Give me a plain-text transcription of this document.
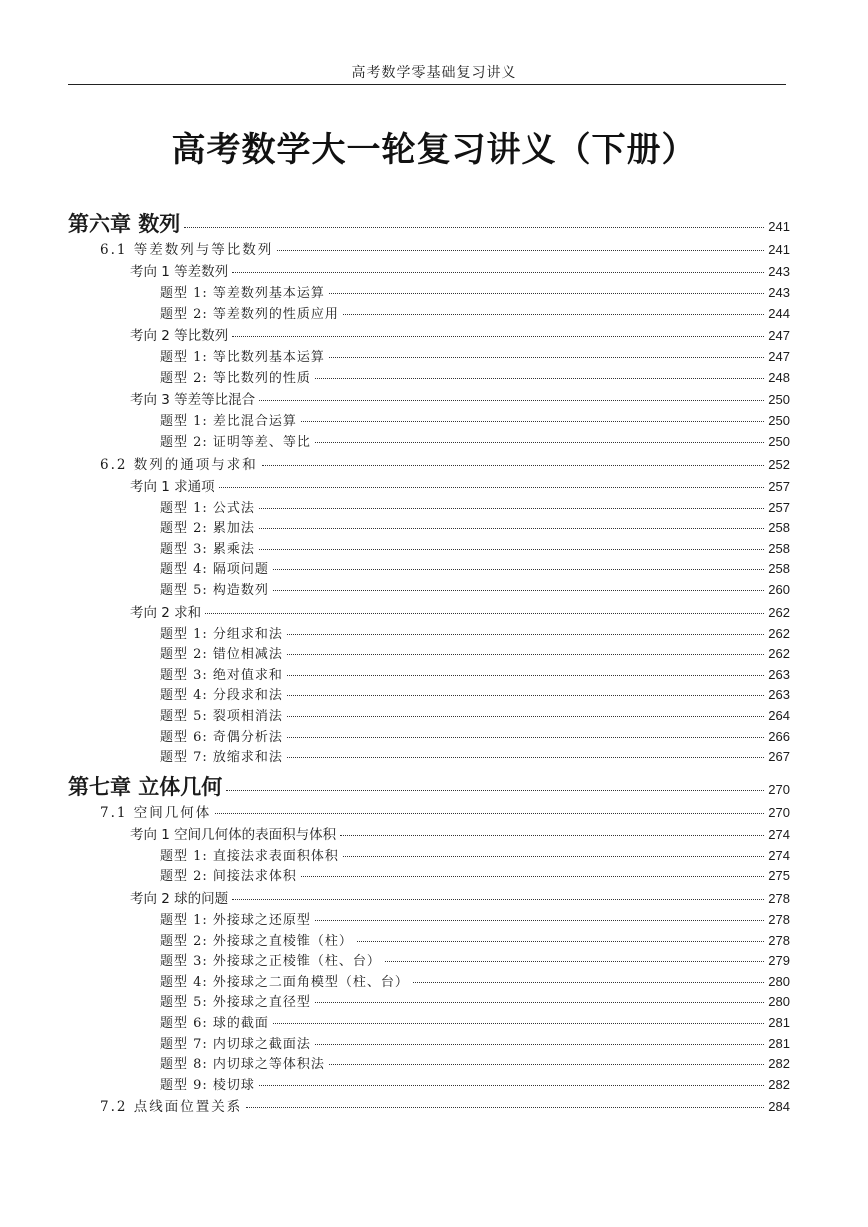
高考数学零基础复习讲义
高考数学大一轮复习讲义（下册）
第六章 数列	241
6.1 等差数列与等比数列	241
考向 1 等差数列	243
题型 1: 等差数列基本运算	243
题型 2: 等差数列的性质应用	244
考向 2 等比数列	247
题型 1: 等比数列基本运算	247
题型 2: 等比数列的性质	248
考向 3 等差等比混合	250
题型 1: 差比混合运算	250
题型 2: 证明等差、等比	250
6.2 数列的通项与求和	252
考向 1 求通项	257
题型 1: 公式法	257
题型 2: 累加法	258
题型 3: 累乘法	258
题型 4: 隔项问题	258
题型 5: 构造数列	260
考向 2 求和	262
题型 1: 分组求和法	262
题型 2: 错位相减法	262
题型 3: 绝对值求和	263
题型 4: 分段求和法	263
题型 5: 裂项相消法	264
题型 6: 奇偶分析法	266
题型 7: 放缩求和法	267
第七章 立体几何	270
7.1 空间几何体	270
考向 1 空间几何体的表面积与体积	274
题型 1: 直接法求表面积体积	274
题型 2: 间接法求体积	275
考向 2 球的问题	278
题型 1: 外接球之还原型	278
题型 2: 外接球之直棱锥（柱）	278
题型 3: 外接球之正棱锥（柱、台）	279
题型 4: 外接球之二面角模型（柱、台）	280
题型 5: 外接球之直径型	280
题型 6: 球的截面	281
题型 7: 内切球之截面法	281
题型 8: 内切球之等体积法	282
题型 9: 棱切球	282
7.2 点线面位置关系	284
